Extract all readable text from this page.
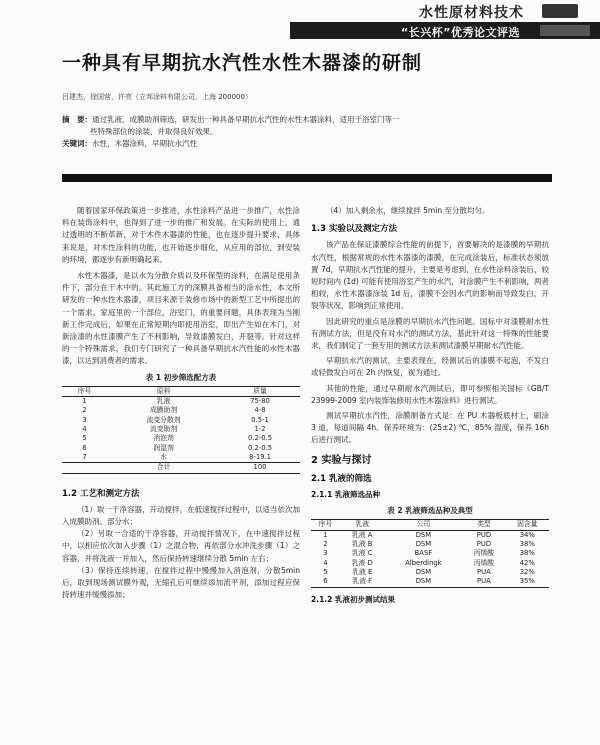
水性原材料技术
“长兴杯”优秀论文评选
一种具有早期抗水汽性水性木器漆的研制
吕建杰，徐国营，许亮（立邦涂料有限公司，上海 200000）

摘　要：通过乳液、成膜助剂筛选，研发出一种具备早期抗水汽性的水性木器涂料，适用于浴室门等一

些特殊部位的涂装，并取得良好效果。

关键词：水性，木器涂料，早期抗水汽性

随着国家环保政策进一步推进，水性涂料产品进一步推广，水性涂料在装饰涂料中，也得到了进一步的推广和发展。在实际的使用上，通过透明的不断革新，对于木件木器漆的性能，也在逐步提升要求，具体来说是，对木性涂料的功能，也开始逐步细化，从应用的部位，到安装的环境，都逐步有新明确起来。

水性木器漆，是以水为分散介质以及环保型的涂料，在满足使用条件下，部分在干木中的。其此施工方的深膜具备相当的涂水性，本文所研发的一种水性木器漆，项目来源于装修市场中的新型工艺中所提出的一个需求，家庭里的一个部位，浴室门，的重要问题，具体表现为当刚新工作完成后，如果在正常短期内即使用浴室，即出产生如在木门，对新涂漆的水性漆膜产生了不利影响，导致漆膜发白，开裂等。针对这样的一个特殊需求，我们专门研究了一种具备早期抗水汽性能的水性木器漆，以达到消费者的需求。

表 1 初步筛选配方表
序号	原料	质量
1	乳液	75-80
2	成膜助剂	4-8
3	流变分散剂	0.5-1
4	流变助剂	1-2
5	消泡剂	0.2-0.5
6	润湿剂	0.2-0.5
7	水	8-19.1
	合计	100
1.2 工艺和测定方法

（1）取一干净容器，开动搅拌，在低速搅拌过程中，以适当依次加入成膜助剂、部分水；

（2）另取一合适的干净容器，开动搅拌情况下，在中速搅拌过程中，以相应依次加入步骤（1）之混合物，再依部分水冲洗步骤（1）之容器，并将洗液一并加入，然后保持转速继续分散 5min 左右；

（3）保持连续转速，在搅拌过程中慢慢加入消泡剂，分散5min后，取到现场测试膜外观，无缩孔后可继续添加流平剂，添加过程应保持转速并缓慢添加；

（4）加入剩余水，继续搅拌 5min 至分散均匀。

1.3 实验以及测定方法

该产品在保证漆膜综合性能的前提下，首要解决的是漆膜的早期抗水汽性，根据常规的水性木器漆的漆膜，在完成涂装后，标准状态须放置 7d，早期抗水汽性能的提升，主要是考虑到，在水性涂料涂装后，较短时间内 (1d) 可能有使用浴室产生的水汽，对涂膜产生不利影响，两者相较，水性木器漆涂装 1d 后，漆膜不会因水汽的影响而导致发白，开裂等状况，影响到正常使用。

因此研究的重点是涂膜的早期抗水汽性问题。国标中对漆膜耐水性有测试方法，但是没有对水汽的测试方法，基此针对这一特殊的性能要求，我们制定了一套专用的测试方法来测试漆膜早期耐水汽性能。

早期抗水汽的测试，主要表现在，经测试后的漆膜不起泡，不发白或轻微发白可在 2h 内恢复，视为通过。

其他的性能，通过早期耐水汽测试后，即可参照相关国标《GB/T 23999-2009 室内装饰装修用水性木器涂料》进行测试。

测试早期抗水汽性，涂膜制备方式是：在 PU 木器板底材上，刷涂 3 道，每道间隔 4h。保养环境为：(25±2) ℃，85% 湿度，保养 16h 后进行测试。

2 实验与探讨
2.1 乳液的筛选
2.1.1 乳液筛选品种
表 2 乳液筛选品种及典型
序号	乳液	公司	类型	固含量
1	乳液 A	DSM	PUD	34%
2	乳液 B	DSM	PUD	38%
3	乳液 C	BASF	丙烯酸	38%
4	乳液 D	Alberdingk	丙烯酸	42%
5	乳液 E	DSM	PUA	32%
6	乳液 F	DSM	PUA	35%
2.1.2 乳液初步测试结果
